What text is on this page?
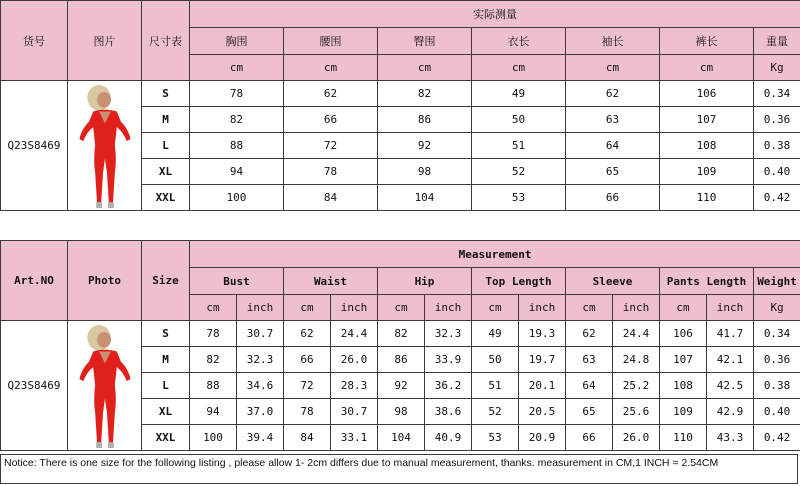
货号	图片	尺寸表	实际测量						
			胸围	腰围	臀围	衣长	袖长	裤长	重量
			cm	cm	cm	cm	cm	cm	Kg
Q23S8469		S	78	62	82	49	62	106	0.34
		M	82	66	86	50	63	107	0.36
		L	88	72	92	51	64	108	0.38
		XL	94	78	98	52	65	109	0.40
		XXL	100	84	104	53	66	110	0.42
Art.NO	Photo	Size	Measurement												
			Bust		Waist		Hip		Top Length		Sleeve		Pants Length		Weight
			cm	inch	cm	inch	cm	inch	cm	inch	cm	inch	cm	inch	Kg
Q23S8469		S	78	30.7	62	24.4	82	32.3	49	19.3	62	24.4	106	41.7	0.34
		M	82	32.3	66	26.0	86	33.9	50	19.7	63	24.8	107	42.1	0.36
		L	88	34.6	72	28.3	92	36.2	51	20.1	64	25.2	108	42.5	0.38
		XL	94	37.0	78	30.7	98	38.6	52	20.5	65	25.6	109	42.9	0.40
		XXL	100	39.4	84	33.1	104	40.9	53	20.9	66	26.0	110	43.3	0.42
Notice: There is one size for the following listing , please allow 1- 2cm differs due to manual measurement, thanks. measurement in CM,1 INCH = 2.54CM
